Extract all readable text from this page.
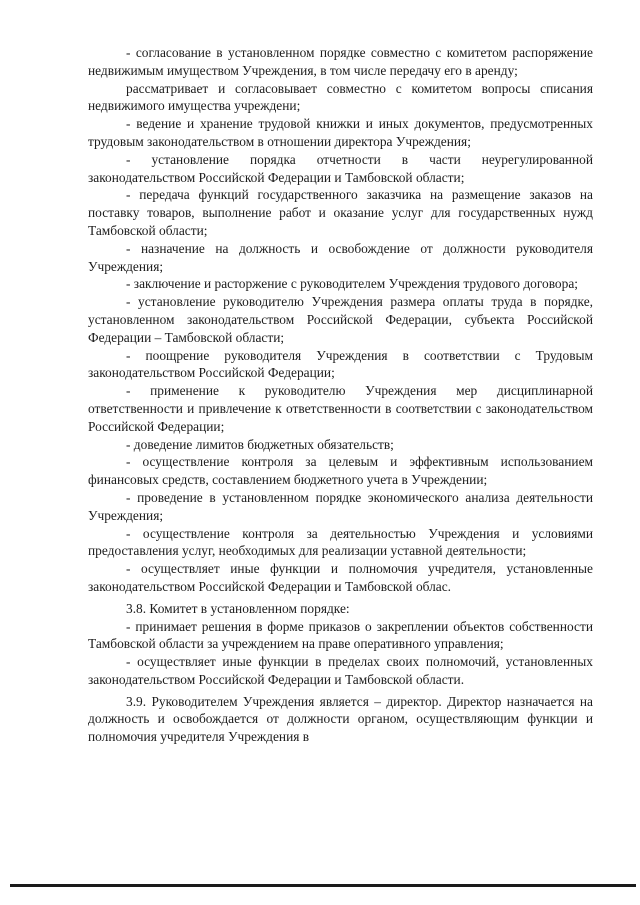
- согласование в установленном порядке совместно с комитетом распоряжение недвижимым имуществом Учреждения, в том числе передачу его в аренду;

рассматривает и согласовывает совместно с комитетом вопросы списания недвижимого имущества учреждени;

- ведение и хранение трудовой книжки и иных документов, предусмотренных трудовым законодательством в отношении директора Учреждения;

- установление порядка отчетности в части неурегулированной законодательством Российской Федерации и Тамбовской области;

- передача функций государственного заказчика на размещение заказов на поставку товаров, выполнение работ и оказание услуг для государственных нужд Тамбовской области;

- назначение на должность и освобождение от должности руководителя Учреждения;

- заключение и расторжение с руководителем Учреждения трудового договора;

- установление руководителю Учреждения размера оплаты труда в порядке, установленном законодательством Российской Федерации, субъекта Российской Федерации – Тамбовской области;

- поощрение руководителя Учреждения в соответствии с Трудовым законодательством Российской Федерации;

- применение к руководителю Учреждения мер дисциплинарной ответственности и привлечение к ответственности в соответствии с законодательством Российской Федерации;

- доведение лимитов бюджетных обязательств;

- осуществление контроля за целевым и эффективным использованием финансовых средств, составлением бюджетного учета в Учреждении;

- проведение в установленном порядке экономического анализа деятельности Учреждения;

- осуществление контроля за деятельностью Учреждения и условиями предоставления услуг, необходимых для реализации уставной деятельности;

- осуществляет иные функции и полномочия учредителя, установленные законодательством Российской Федерации и Тамбовской облас.

3.8. Комитет в установленном порядке:

- принимает решения в форме приказов о закреплении объектов собственности Тамбовской области за учреждением на праве оперативного управления;

- осуществляет иные функции в пределах своих полномочий, установленных законодательством Российской Федерации и Тамбовской области.

3.9. Руководителем Учреждения является – директор. Директор назначается на должность и освобождается от должности органом, осуществляющим функции и полномочия учредителя Учреждения в
